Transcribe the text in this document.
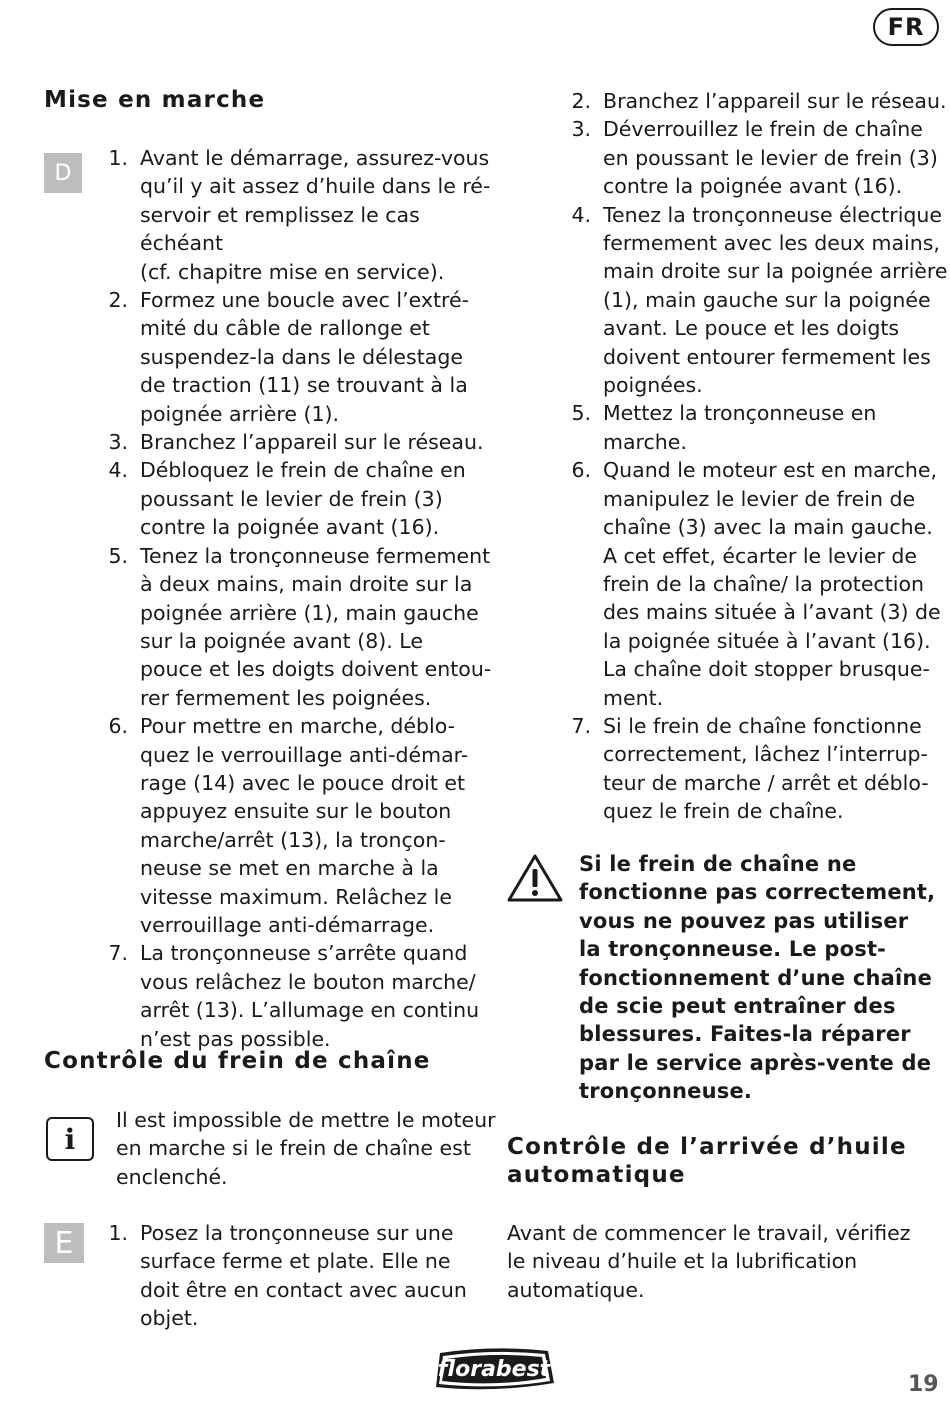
FR
Mise en marche
D
1. Avant le démarrage, assurez-vous
qu’il y ait assez d’huile dans le ré-
servoir et remplissez le cas échéant
(cf. chapitre mise en service).
2. Formez une boucle avec l’extré-
mité du câble de rallonge et
suspendez-la dans le délestage
de traction (11) se trouvant à la
poignée arrière (1).
3. Branchez l’appareil sur le réseau.
4. Débloquez le frein de chaîne en
poussant le levier de frein (3)
contre la poignée avant (16).
5. Tenez la tronçonneuse fermement
à deux mains, main droite sur la
poignée arrière (1), main gauche
sur la poignée avant (8). Le
pouce et les doigts doivent entou-
rer fermement les poignées.
6. Pour mettre en marche, déblo-
quez le verrouillage anti-démar-
rage (14) avec le pouce droit et
appuyez ensuite sur le bouton
marche/arrêt (13), la tronçon-
neuse se met en marche à la
vitesse maximum. Relâchez le
verrouillage anti-démarrage.
7. La tronçonneuse s’arrête quand
vous relâchez le bouton marche/
arrêt (13). L’allumage en continu
n’est pas possible.
Contrôle du frein de chaîne
i

Il est impossible de mettre le moteur
en marche si le frein de chaîne est
enclenché.

E	1. Posez la tronçonneuse sur une
surface ferme et plate. Elle ne
doit être en contact avec aucun
objet.
2. Branchez l’appareil sur le réseau.
3. Déverrouillez le frein de chaîne
en poussant le levier de frein (3)
contre la poignée avant (16).
4. Tenez la tronçonneuse électrique
fermement avec les deux mains,
main droite sur la poignée arrière
(1), main gauche sur la poignée
avant. Le pouce et les doigts
doivent entourer fermement les
poignées.
5. Mettez la tronçonneuse en
marche.
6. Quand le moteur est en marche,
manipulez le levier de frein de
chaîne (3) avec la main gauche.
A cet effet, écarter le levier de
frein de la chaîne/ la protection
des mains située à l’avant (3) de
la poignée située à l’avant (16).
La chaîne doit stopper brusque-
ment.
7. Si le frein de chaîne fonctionne
correctement, lâchez l’interrup-
teur de marche / arrêt et déblo-
quez le frein de chaîne.

Si le frein de chaîne ne
fonctionne pas correctement,
vous ne pouvez pas utiliser
la tronçonneuse. Le post-
fonctionnement d’une chaîne
de scie peut entraîner des
blessures. Faites-la réparer
par le service après-vente de
tronçonneuse.

Contrôle de l’arrivée d’huile
automatique

Avant de commencer le travail, vérifiez
le niveau d’huile et la lubrification
automatique.

florabest
19
